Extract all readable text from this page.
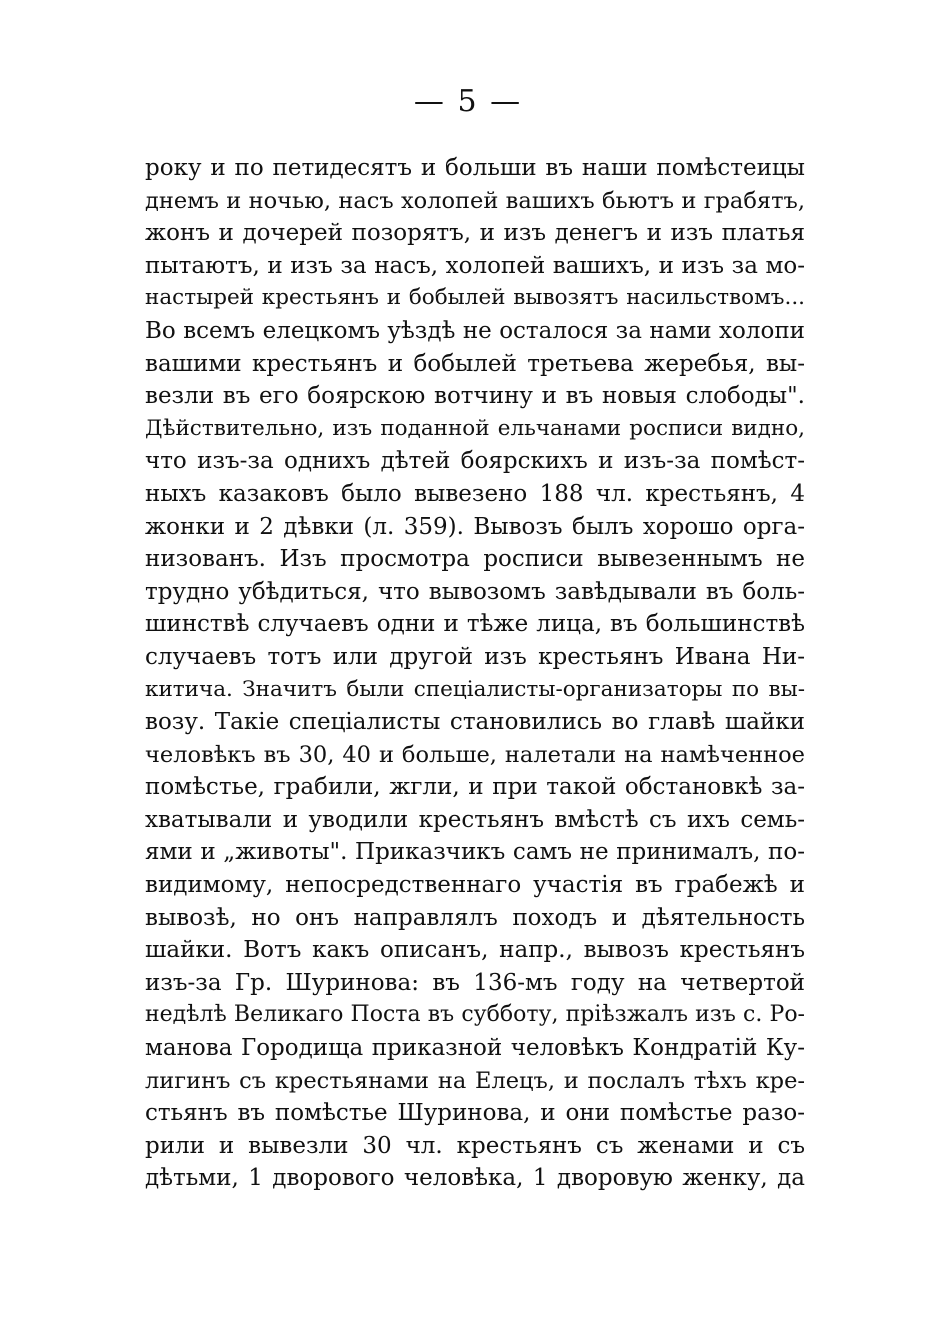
— 5 —
року и по петидесятъ и больши въ наши помѣстеицы
днемъ и ночью, насъ холопей вашихъ бьютъ и грабятъ,
жонъ и дочерей позорятъ, и изъ денегъ и изъ платья
пытаютъ, и изъ за насъ, холопей вашихъ, и изъ за мо-
настырей крестьянъ и бобылей вывозятъ насильствомъ...
Во всемъ елецкомъ уѣздѣ не осталося за нами холопи
вашими крестьянъ и бобылей третьева жеребья, вы-
везли въ его боярскою вотчину и въ новыя слободы".
Дѣйствительно, изъ поданной ельчанами росписи видно,
что изъ-за однихъ дѣтей боярскихъ и изъ-за помѣст-
ныхъ казаковъ было вывезено 188 чл. крестьянъ, 4
жонки и 2 дѣвки (л. 359). Вывозъ былъ хорошо орга-
низованъ. Изъ просмотра росписи вывезеннымъ не
трудно убѣдиться, что вывозомъ завѣдывали въ боль-
шинствѣ случаевъ одни и тѣже лица, въ большинствѣ
случаевъ тотъ или другой изъ крестьянъ Ивана Ни-
китича. Значитъ были спеціалисты-организаторы по вы-
возу. Такіе спеціалисты становились во главѣ шайки
человѣкъ въ 30, 40 и больше, налетали на намѣченное
помѣстье, грабили, жгли, и при такой обстановкѣ за-
хватывали и уводили крестьянъ вмѣстѣ съ ихъ семь-
ями и „животы". Приказчикъ самъ не принималъ, по-
видимому, непосредственнаго участія въ грабежѣ и
вывозѣ, но онъ направлялъ походъ и дѣятельность
шайки. Вотъ какъ описанъ, напр., вывозъ крестьянъ
изъ-за Гр. Шуринова: въ 136-мъ году на четвертой
недѣлѣ Великаго Поста въ субботу, пріѣзжалъ изъ с. Ро-
манова Городища приказной человѣкъ Кондратій Ку-
лигинъ съ крестьянами на Елецъ, и послалъ тѣхъ кре-
стьянъ въ помѣстье Шуринова, и они помѣстье разо-
рили и вывезли 30 чл. крестьянъ съ женами и съ
дѣтьми, 1 дворового человѣка, 1 дворовую женку, да
